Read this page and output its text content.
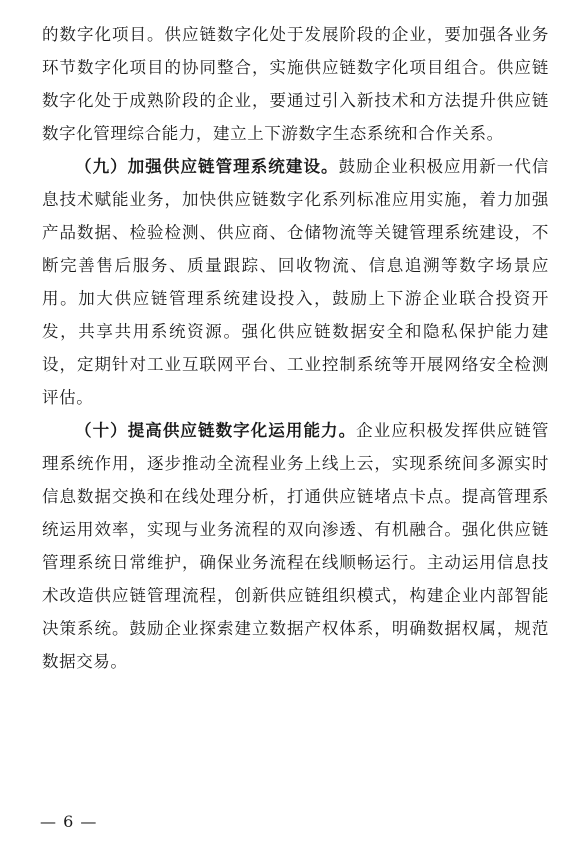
的数字化项目。供应链数字化处于发展阶段的企业，要加强各业务环节数字化项目的协同整合，实施供应链数字化项目组合。供应链数字化处于成熟阶段的企业，要通过引入新技术和方法提升供应链数字化管理综合能力，建立上下游数字生态系统和合作关系。

（九）加强供应链管理系统建设。鼓励企业积极应用新一代信息技术赋能业务，加快供应链数字化系列标准应用实施，着力加强产品数据、检验检测、供应商、仓储物流等关键管理系统建设，不断完善售后服务、质量跟踪、回收物流、信息追溯等数字场景应用。加大供应链管理系统建设投入，鼓励上下游企业联合投资开发，共享共用系统资源。强化供应链数据安全和隐私保护能力建设，定期针对工业互联网平台、工业控制系统等开展网络安全检测评估。

（十）提高供应链数字化运用能力。企业应积极发挥供应链管理系统作用，逐步推动全流程业务上线上云，实现系统间多源实时信息数据交换和在线处理分析，打通供应链堵点卡点。提高管理系统运用效率，实现与业务流程的双向渗透、有机融合。强化供应链管理系统日常维护，确保业务流程在线顺畅运行。主动运用信息技术改造供应链管理流程，创新供应链组织模式，构建企业内部智能决策系统。鼓励企业探索建立数据产权体系，明确数据权属，规范数据交易。

— 6 —
